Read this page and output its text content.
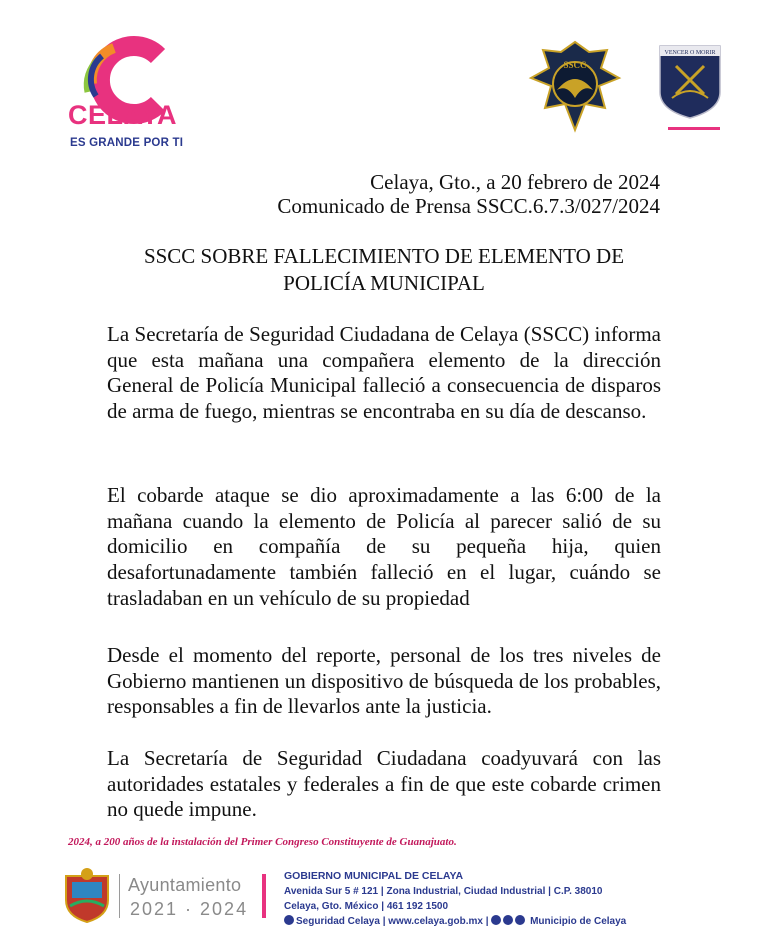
CELAYA
ES GRANDE POR TI
SSCC
VENCER O MORIR
Celaya, Gto., a 20 febrero de 2024
Comunicado de Prensa SSCC.6.7.3/027/2024
SSCC SOBRE FALLECIMIENTO DE ELEMENTO DE
POLICÍA MUNICIPAL
La Secretaría de Seguridad Ciudadana de Celaya (SSCC) informa que esta mañana una compañera elemento de la dirección General de Policía Municipal falleció a consecuencia de disparos de arma de fuego, mientras se encontraba en su día de descanso.
El cobarde ataque se dio aproximadamente a las 6:00 de la mañana cuando la elemento de Policía al parecer salió de su domicilio en compañía de su pequeña hija, quien desafortunadamente también falleció en el lugar, cuándo se trasladaban en un vehículo de su propiedad
Desde el momento del reporte, personal de los tres niveles de Gobierno mantienen un dispositivo de búsqueda de los probables, responsables a fin de llevarlos ante la justicia.
La Secretaría de Seguridad Ciudadana coadyuvará con las autoridades estatales y federales a fin de que este cobarde crimen no quede impune.
2024, a 200 años de la instalación del Primer Congreso Constituyente de Guanajuato.
Ayuntamiento
2021 · 2024
GOBIERNO MUNICIPAL DE CELAYA
Avenida Sur 5 # 121 | Zona Industrial, Ciudad Industrial | C.P. 38010
Celaya, Gto. México | 461 192 1500
Seguridad Celaya | www.celaya.gob.mx |	Municipio de Celaya
